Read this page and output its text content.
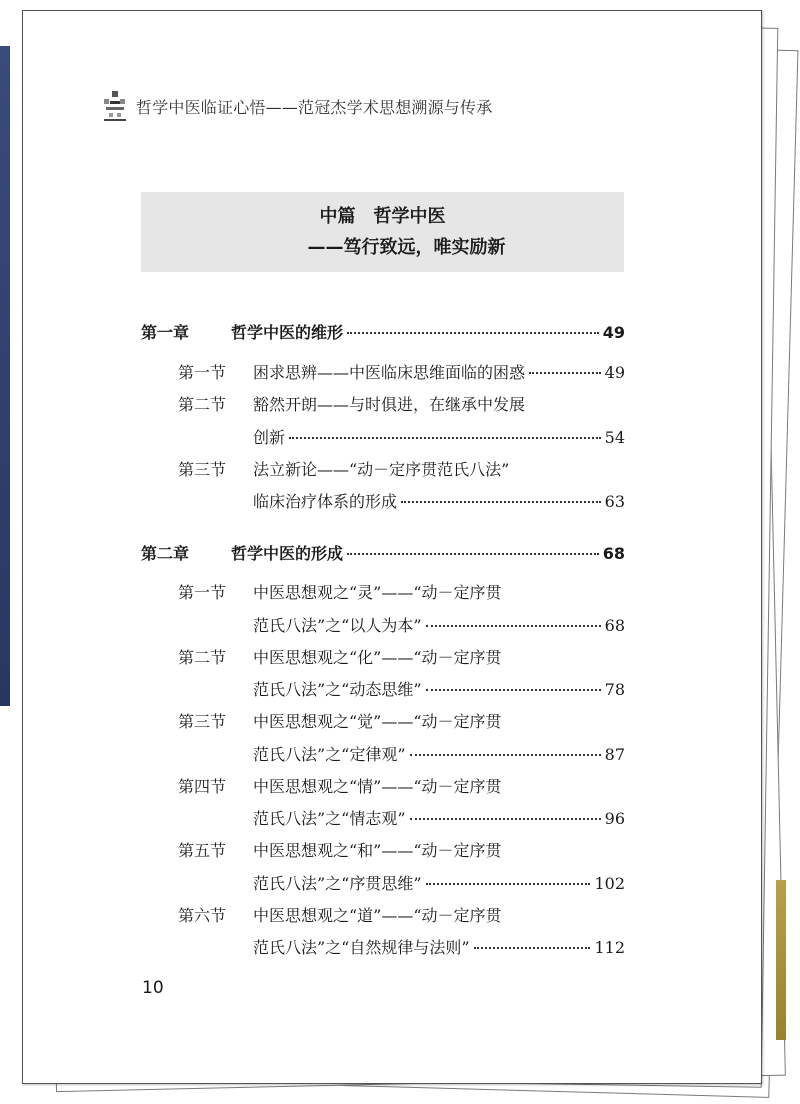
哲学中医临证心悟——范冠杰学术思想溯源与传承
中篇　哲学中医
——笃行致远，唯实励新
第一章	哲学中医的维形	49
第一节	困求思辨——中医临床思维面临的困惑	49
第二节	豁然开朗——与时俱进，在继承中发展
创新	54
第三节	法立新论——“动－定序贯范氏八法”
临床治疗体系的形成	63
第二章	哲学中医的形成	68
第一节	中医思想观之“灵”——“动－定序贯
范氏八法”之“以人为本”	68
第二节	中医思想观之“化”——“动－定序贯
范氏八法”之“动态思维”	78
第三节	中医思想观之“觉”——“动－定序贯
范氏八法”之“定律观”	87
第四节	中医思想观之“情”——“动－定序贯
范氏八法”之“情志观”	96
第五节	中医思想观之“和”——“动－定序贯
范氏八法”之“序贯思维”	102
第六节	中医思想观之“道”——“动－定序贯
范氏八法”之“自然规律与法则”	112
10
